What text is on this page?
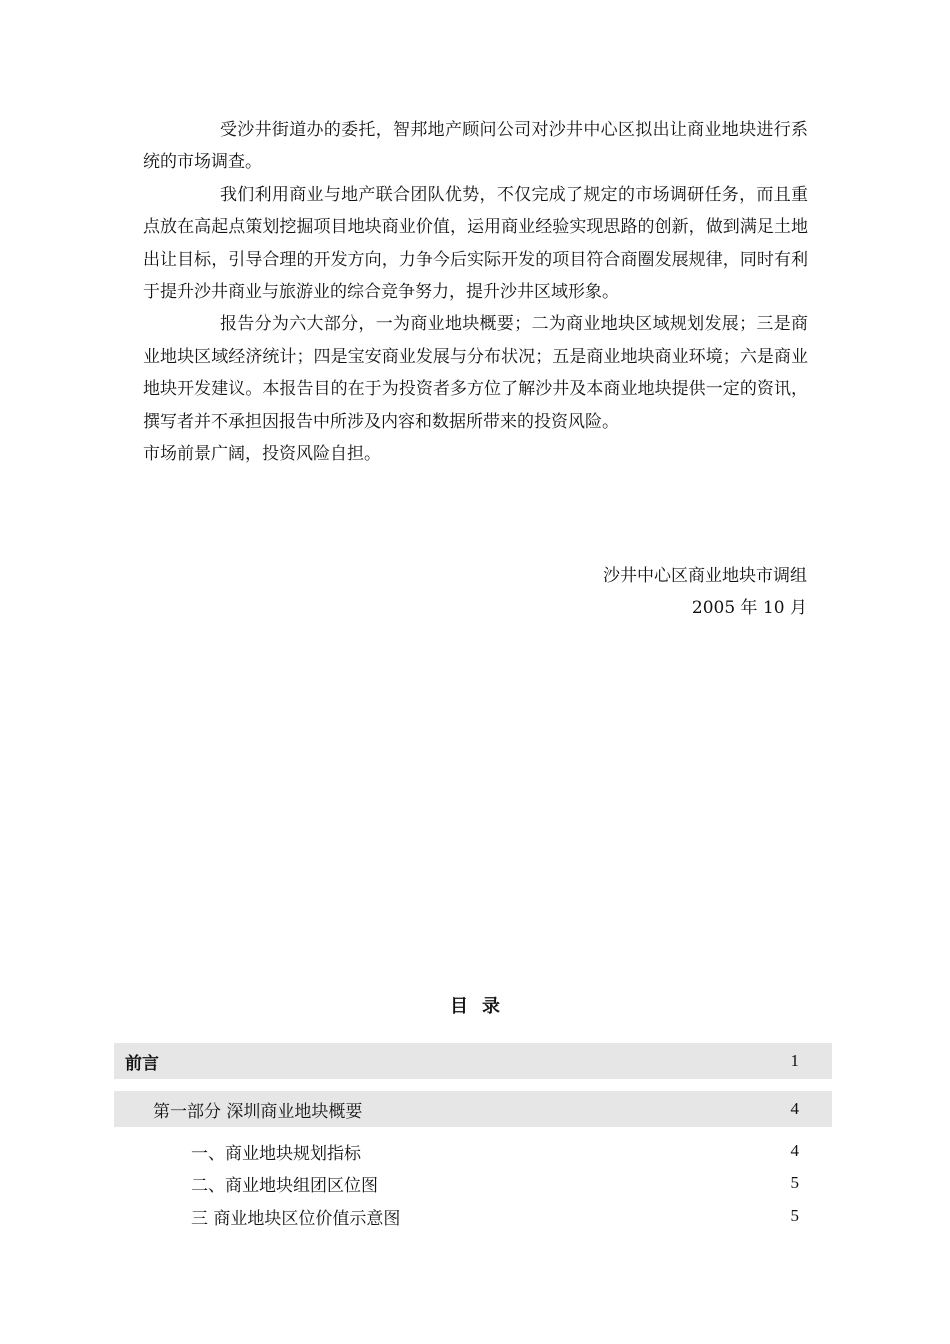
受沙井街道办的委托，智邦地产顾问公司对沙井中心区拟出让商业地块进行系统的市场调查。

我们利用商业与地产联合团队优势，不仅完成了规定的市场调研任务，而且重点放在高起点策划挖掘项目地块商业价值，运用商业经验实现思路的创新，做到满足土地出让目标，引导合理的开发方向，力争今后实际开发的项目符合商圈发展规律，同时有利于提升沙井商业与旅游业的综合竞争努力，提升沙井区域形象。

报告分为六大部分，一为商业地块概要；二为商业地块区域规划发展；三是商业地块区域经济统计；四是宝安商业发展与分布状况；五是商业地块商业环境；六是商业地块开发建议。本报告目的在于为投资者多方位了解沙井及本商业地块提供一定的资讯，撰写者并不承担因报告中所涉及内容和数据所带来的投资风险。

市场前景广阔，投资风险自担。

沙井中心区商业地块市调组
2005 年 10 月
目录
前言	1
第一部分 深圳商业地块概要	4
一、商业地块规划指标	4
二、商业地块组团区位图	5
三 商业地块区位价值示意图	5
